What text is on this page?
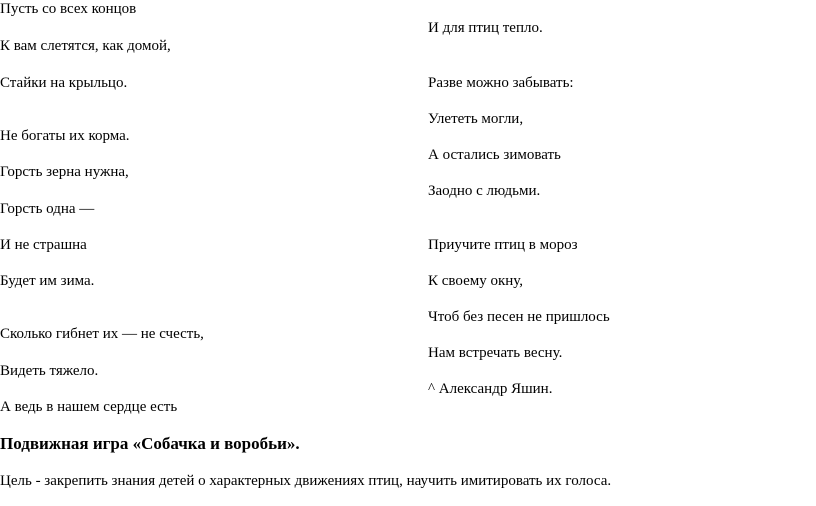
Пусть со всех концов

К вам слетятся, как домой,

Стайки на крыльцо.

Не богаты их корма.

Горсть зерна нужна,

Горсть одна —

И не страшна

Будет им зима.

Сколько гибнет их — не счесть,

Видеть тяжело.

А ведь в нашем сердце есть

И для птиц тепло.

Разве можно забывать:

Улететь могли,

А остались зимовать

Заодно с людьми.

Приучите птиц в мороз

К своему окну,

Чтоб без песен не пришлось

Нам встречать весну.

^ Александр Яшин.

Подвижная игра «Собачка и воробьи».

Цель - закрепить знания детей о характерных движениях птиц, научить имитировать их голоса.
